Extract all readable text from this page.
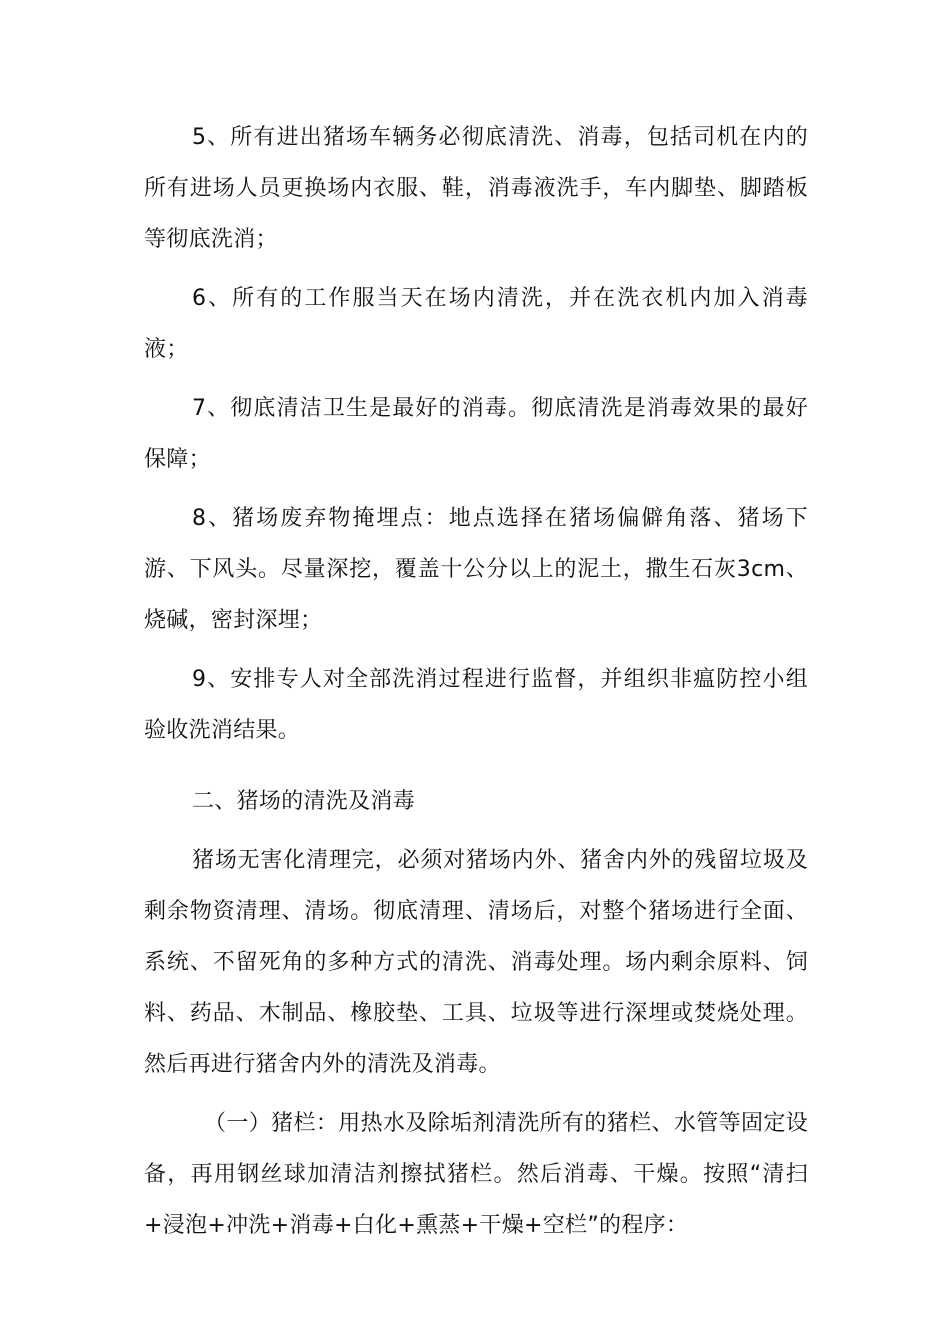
5、所有进出猪场车辆务必彻底清洗、消毒，包括司机在内的所有进场人员更换场内衣服、鞋，消毒液洗手，车内脚垫、脚踏板等彻底洗消；

6、所有的工作服当天在场内清洗，并在洗衣机内加入消毒液；

7、彻底清洁卫生是最好的消毒。彻底清洗是消毒效果的最好保障；

8、猪场废弃物掩埋点：地点选择在猪场偏僻角落、猪场下游、下风头。尽量深挖，覆盖十公分以上的泥土，撒生石灰3cm、烧碱，密封深埋；

9、安排专人对全部洗消过程进行监督，并组织非瘟防控小组验收洗消结果。

二、猪场的清洗及消毒

猪场无害化清理完，必须对猪场内外、猪舍内外的残留垃圾及剩余物资清理、清场。彻底清理、清场后，对整个猪场进行全面、系统、不留死角的多种方式的清洗、消毒处理。场内剩余原料、饲料、药品、木制品、橡胶垫、工具、垃圾等进行深埋或焚烧处理。然后再进行猪舍内外的清洗及消毒。

（一）猪栏：用热水及除垢剂清洗所有的猪栏、水管等固定设备，再用钢丝球加清洁剂擦拭猪栏。然后消毒、干燥。按照“清扫+浸泡+冲洗+消毒+白化+熏蒸+干燥+空栏”的程序：
